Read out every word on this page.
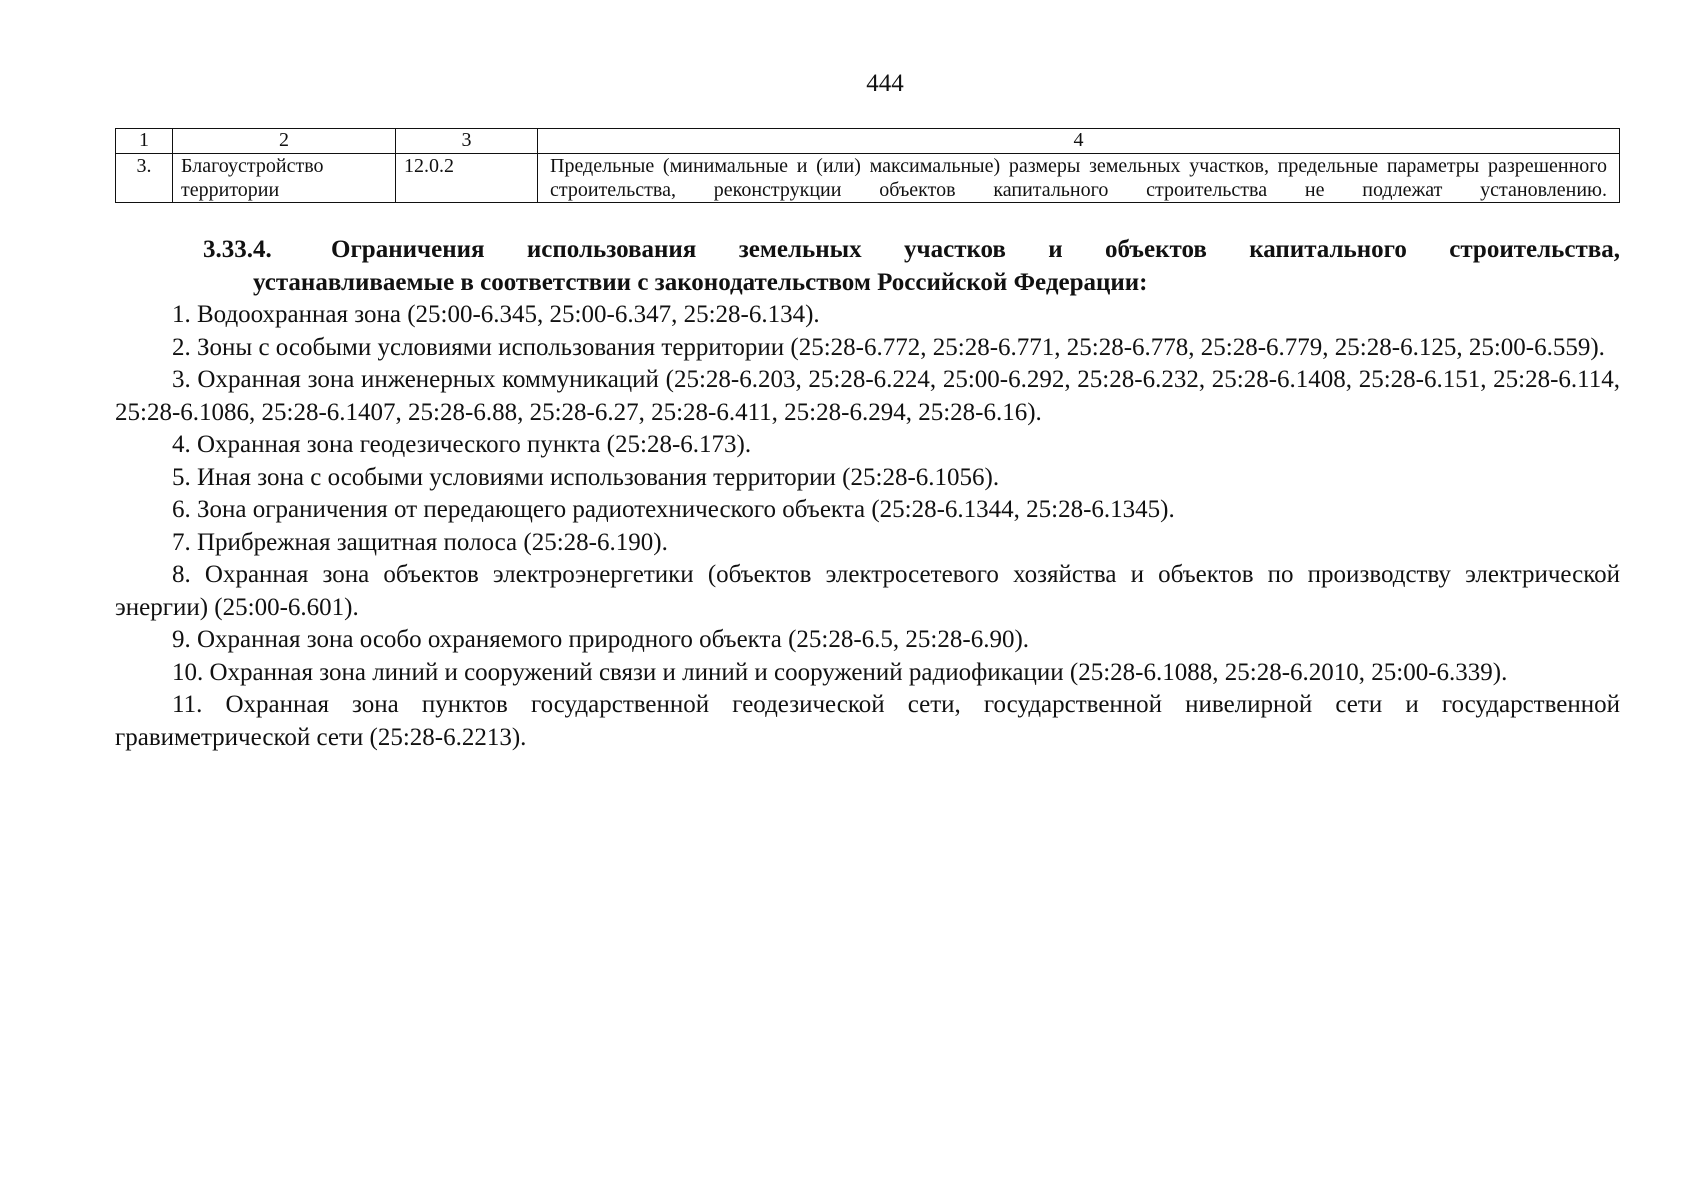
444
1	2	3	4
3.	Благоустройство территории	12.0.2	Предельные (минимальные и (или) максимальные) размеры земельных участков, предельные параметры разрешенного строительства, реконструкции объектов капитального строительства не подлежат установлению.
3.33.4.	Ограничения использования земельных участков и объектов капитального строительства,
устанавливаемые в соответствии с законодательством Российской Федерации:
1. Водоохранная зона (25:00-6.345, 25:00-6.347, 25:28-6.134).
2. Зоны с особыми условиями использования территории (25:28-6.772, 25:28-6.771, 25:28-6.778, 25:28-6.779, 25:28-6.125, 25:00-6.559).
3. Охранная зона инженерных коммуникаций (25:28-6.203, 25:28-6.224, 25:00-6.292, 25:28-6.232, 25:28-6.1408, 25:28-6.151, 25:28-6.114, 25:28-6.1086, 25:28-6.1407, 25:28-6.88, 25:28-6.27, 25:28-6.411, 25:28-6.294, 25:28-6.16).
4. Охранная зона геодезического пункта (25:28-6.173).
5. Иная зона с особыми условиями использования территории (25:28-6.1056).
6. Зона ограничения от передающего радиотехнического объекта (25:28-6.1344, 25:28-6.1345).
7. Прибрежная защитная полоса (25:28-6.190).
8. Охранная зона объектов электроэнергетики (объектов электросетевого хозяйства и объектов по производству электрической энергии) (25:00-6.601).
9. Охранная зона особо охраняемого природного объекта (25:28-6.5, 25:28-6.90).
10. Охранная зона линий и сооружений связи и линий и сооружений радиофикации (25:28-6.1088, 25:28-6.2010, 25:00-6.339).
11. Охранная зона пунктов государственной геодезической сети, государственной нивелирной сети и государственной гравиметрической сети (25:28-6.2213).
